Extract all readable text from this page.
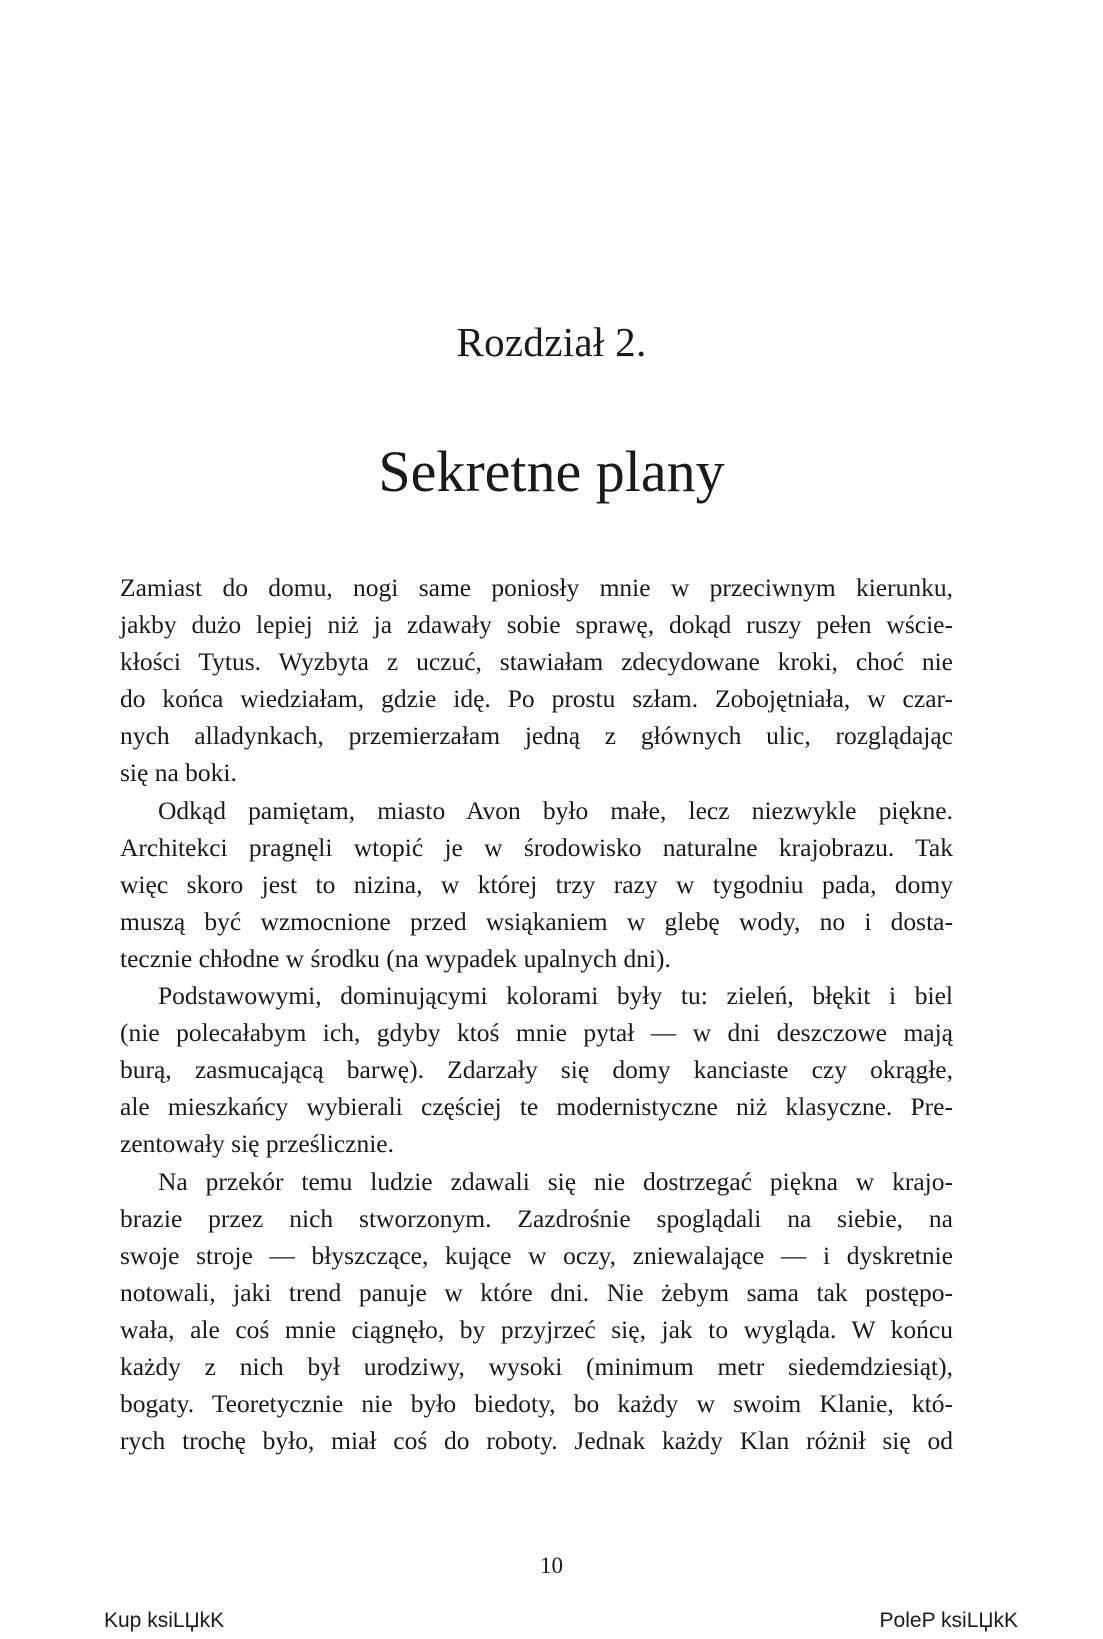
Rozdział 2.
Sekretne plany
Zamiast do domu, nogi same poniosły mnie w przeciwnym kierunku,
jakby dużo lepiej niż ja zdawały sobie sprawę, dokąd ruszy pełen wście-
kłości Tytus. Wyzbyta z uczuć, stawiałam zdecydowane kroki, choć nie
do końca wiedziałam, gdzie idę. Po prostu szłam. Zobojętniała, w czar-
nych alladynkach, przemierzałam jedną z głównych ulic, rozglądając
się na boki.
Odkąd pamiętam, miasto Avon było małe, lecz niezwykle piękne.
Architekci pragnęli wtopić je w środowisko naturalne krajobrazu. Tak
więc skoro jest to nizina, w której trzy razy w tygodniu pada, domy
muszą być wzmocnione przed wsiąkaniem w glebę wody, no i dosta-
tecznie chłodne w środku (na wypadek upalnych dni).
Podstawowymi, dominującymi kolorami były tu: zieleń, błękit i biel
(nie polecałabym ich, gdyby ktoś mnie pytał — w dni deszczowe mają
burą, zasmucającą barwę). Zdarzały się domy kanciaste czy okrągłe,
ale mieszkańcy wybierali częściej te modernistyczne niż klasyczne. Pre-
zentowały się prześlicznie.
Na przekór temu ludzie zdawali się nie dostrzegać piękna w krajo-
brazie przez nich stworzonym. Zazdrośnie spoglądali na siebie, na
swoje stroje — błyszczące, kujące w oczy, zniewalające — i dyskretnie
notowali, jaki trend panuje w które dni. Nie żebym sama tak postępo-
wała, ale coś mnie ciągnęło, by przyjrzeć się, jak to wygląda. W końcu
każdy z nich był urodziwy, wysoki (minimum metr siedemdziesiąt),
bogaty. Teoretycznie nie było biedoty, bo każdy w swoim Klanie, któ-
rych trochę było, miał coś do roboty. Jednak każdy Klan różnił się od
10
Kup ksiLЏkK	PoleP ksiLЏkK
